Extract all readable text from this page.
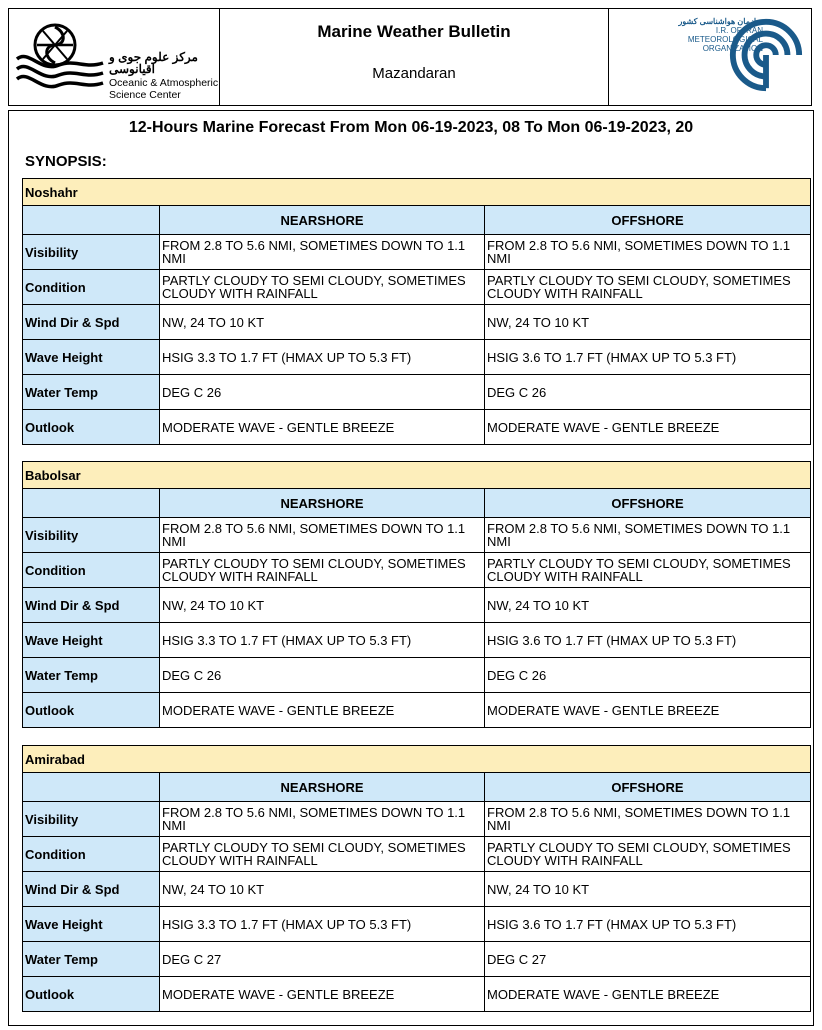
مرکز علوم جوی و اقیانوسی
Oceanic & Atmospheric
Science Center
Marine Weather Bulletin
Mazandaran
سازمان هواشناسی کشور
I.R. OF IRAN
METEOROLOGICAL
ORGANIZATION
12-Hours Marine Forecast From Mon 06-19-2023, 08 To Mon 06-19-2023, 20
SYNOPSIS:
Noshahr		
	NEARSHORE	OFFSHORE
Visibility	FROM 2.8 TO 5.6 NMI, SOMETIMES DOWN TO 1.1 NMI	FROM 2.8 TO 5.6 NMI, SOMETIMES DOWN TO 1.1 NMI
Condition	PARTLY CLOUDY TO SEMI CLOUDY, SOMETIMES CLOUDY WITH RAINFALL	PARTLY CLOUDY TO SEMI CLOUDY, SOMETIMES CLOUDY WITH RAINFALL
Wind Dir & Spd	NW, 24 TO 10 KT	NW, 24 TO 10 KT
Wave Height	HSIG 3.3 TO 1.7 FT (HMAX UP TO 5.3 FT)	HSIG 3.6 TO 1.7 FT (HMAX UP TO 5.3 FT)
Water Temp	DEG C 26	DEG C 26
Outlook	MODERATE WAVE - GENTLE BREEZE	MODERATE WAVE - GENTLE BREEZE
Babolsar		
	NEARSHORE	OFFSHORE
Visibility	FROM 2.8 TO 5.6 NMI, SOMETIMES DOWN TO 1.1 NMI	FROM 2.8 TO 5.6 NMI, SOMETIMES DOWN TO 1.1 NMI
Condition	PARTLY CLOUDY TO SEMI CLOUDY, SOMETIMES CLOUDY WITH RAINFALL	PARTLY CLOUDY TO SEMI CLOUDY, SOMETIMES CLOUDY WITH RAINFALL
Wind Dir & Spd	NW, 24 TO 10 KT	NW, 24 TO 10 KT
Wave Height	HSIG 3.3 TO 1.7 FT (HMAX UP TO 5.3 FT)	HSIG 3.6 TO 1.7 FT (HMAX UP TO 5.3 FT)
Water Temp	DEG C 26	DEG C 26
Outlook	MODERATE WAVE - GENTLE BREEZE	MODERATE WAVE - GENTLE BREEZE
Amirabad		
	NEARSHORE	OFFSHORE
Visibility	FROM 2.8 TO 5.6 NMI, SOMETIMES DOWN TO 1.1 NMI	FROM 2.8 TO 5.6 NMI, SOMETIMES DOWN TO 1.1 NMI
Condition	PARTLY CLOUDY TO SEMI CLOUDY, SOMETIMES CLOUDY WITH RAINFALL	PARTLY CLOUDY TO SEMI CLOUDY, SOMETIMES CLOUDY WITH RAINFALL
Wind Dir & Spd	NW, 24 TO 10 KT	NW, 24 TO 10 KT
Wave Height	HSIG 3.3 TO 1.7 FT (HMAX UP TO 5.3 FT)	HSIG 3.6 TO 1.7 FT (HMAX UP TO 5.3 FT)
Water Temp	DEG C 27	DEG C 27
Outlook	MODERATE WAVE - GENTLE BREEZE	MODERATE WAVE - GENTLE BREEZE
